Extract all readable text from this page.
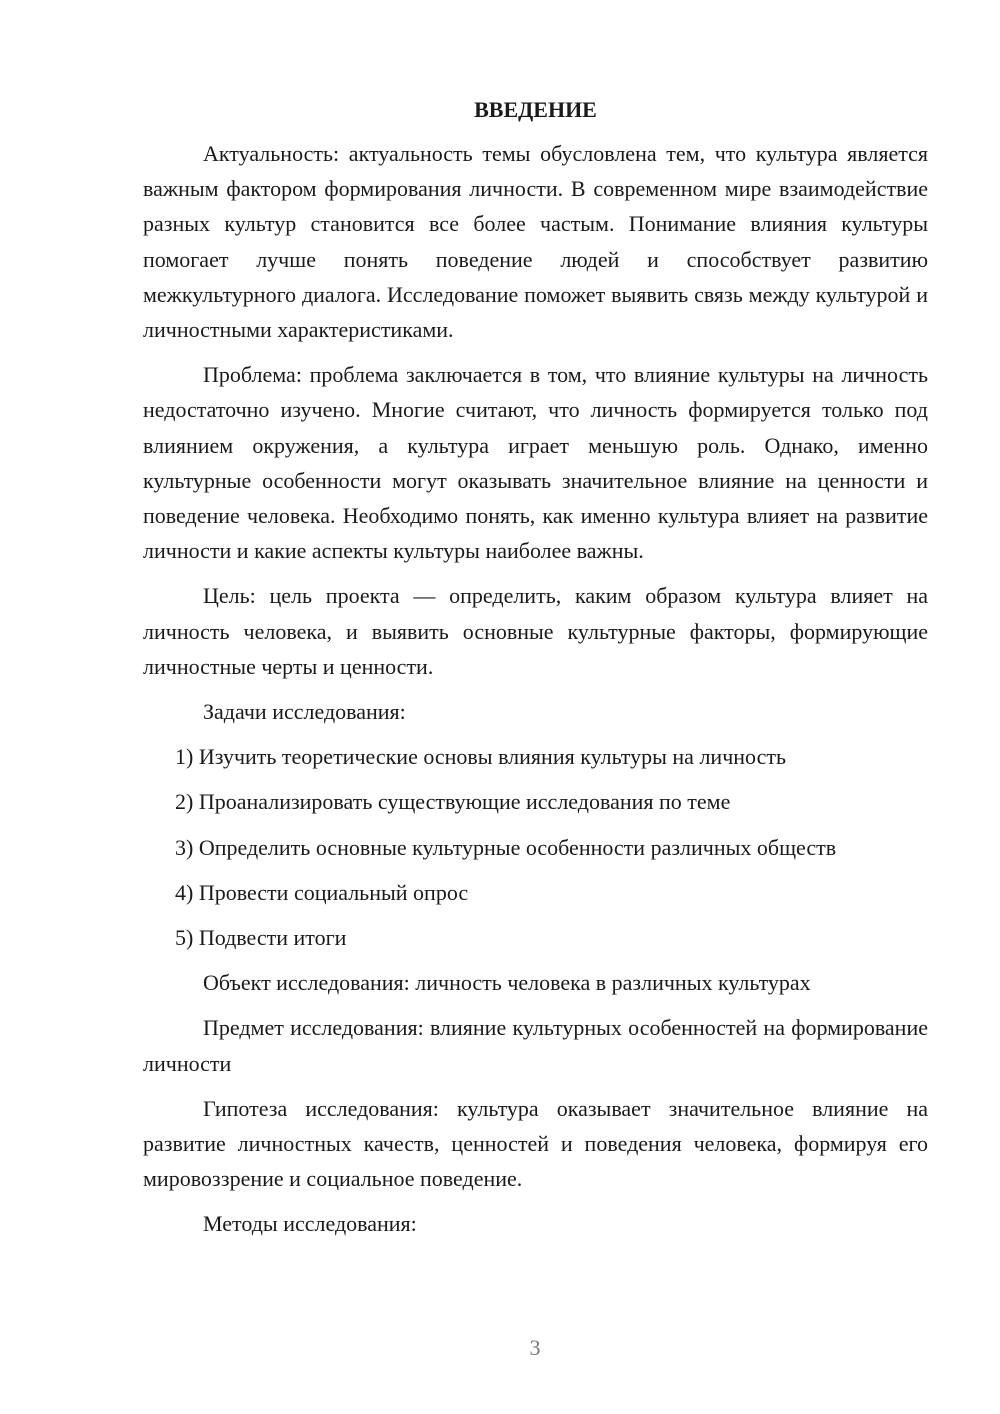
ВВЕДЕНИЕ

Актуальность: актуальность темы обусловлена тем, что культура является важным фактором формирования личности. В современном мире взаимодействие разных культур становится все более частым. Понимание влияния культуры помогает лучше понять поведение людей и способствует развитию межкультурного диалога. Исследование поможет выявить связь между культурой и личностными характеристиками.

Проблема: проблема заключается в том, что влияние культуры на личность недостаточно изучено. Многие считают, что личность формируется только под влиянием окружения, а культура играет меньшую роль. Однако, именно культурные особенности могут оказывать значительное влияние на ценности и поведение человека. Необходимо понять, как именно культура влияет на развитие личности и какие аспекты культуры наиболее важны.

Цель: цель проекта — определить, каким образом культура влияет на личность человека, и выявить основные культурные факторы, формирующие личностные черты и ценности.

Задачи исследования:

1) Изучить теоретические основы влияния культуры на личность
2) Проанализировать существующие исследования по теме
3) Определить основные культурные особенности различных обществ
4) Провести социальный опрос
5) Подвести итоги

Объект исследования: личность человека в различных культурах

Предмет исследования: влияние культурных особенностей на формирование личности

Гипотеза исследования: культура оказывает значительное влияние на развитие личностных качеств, ценностей и поведения человека, формируя его мировоззрение и социальное поведение.

Методы исследования:

3
